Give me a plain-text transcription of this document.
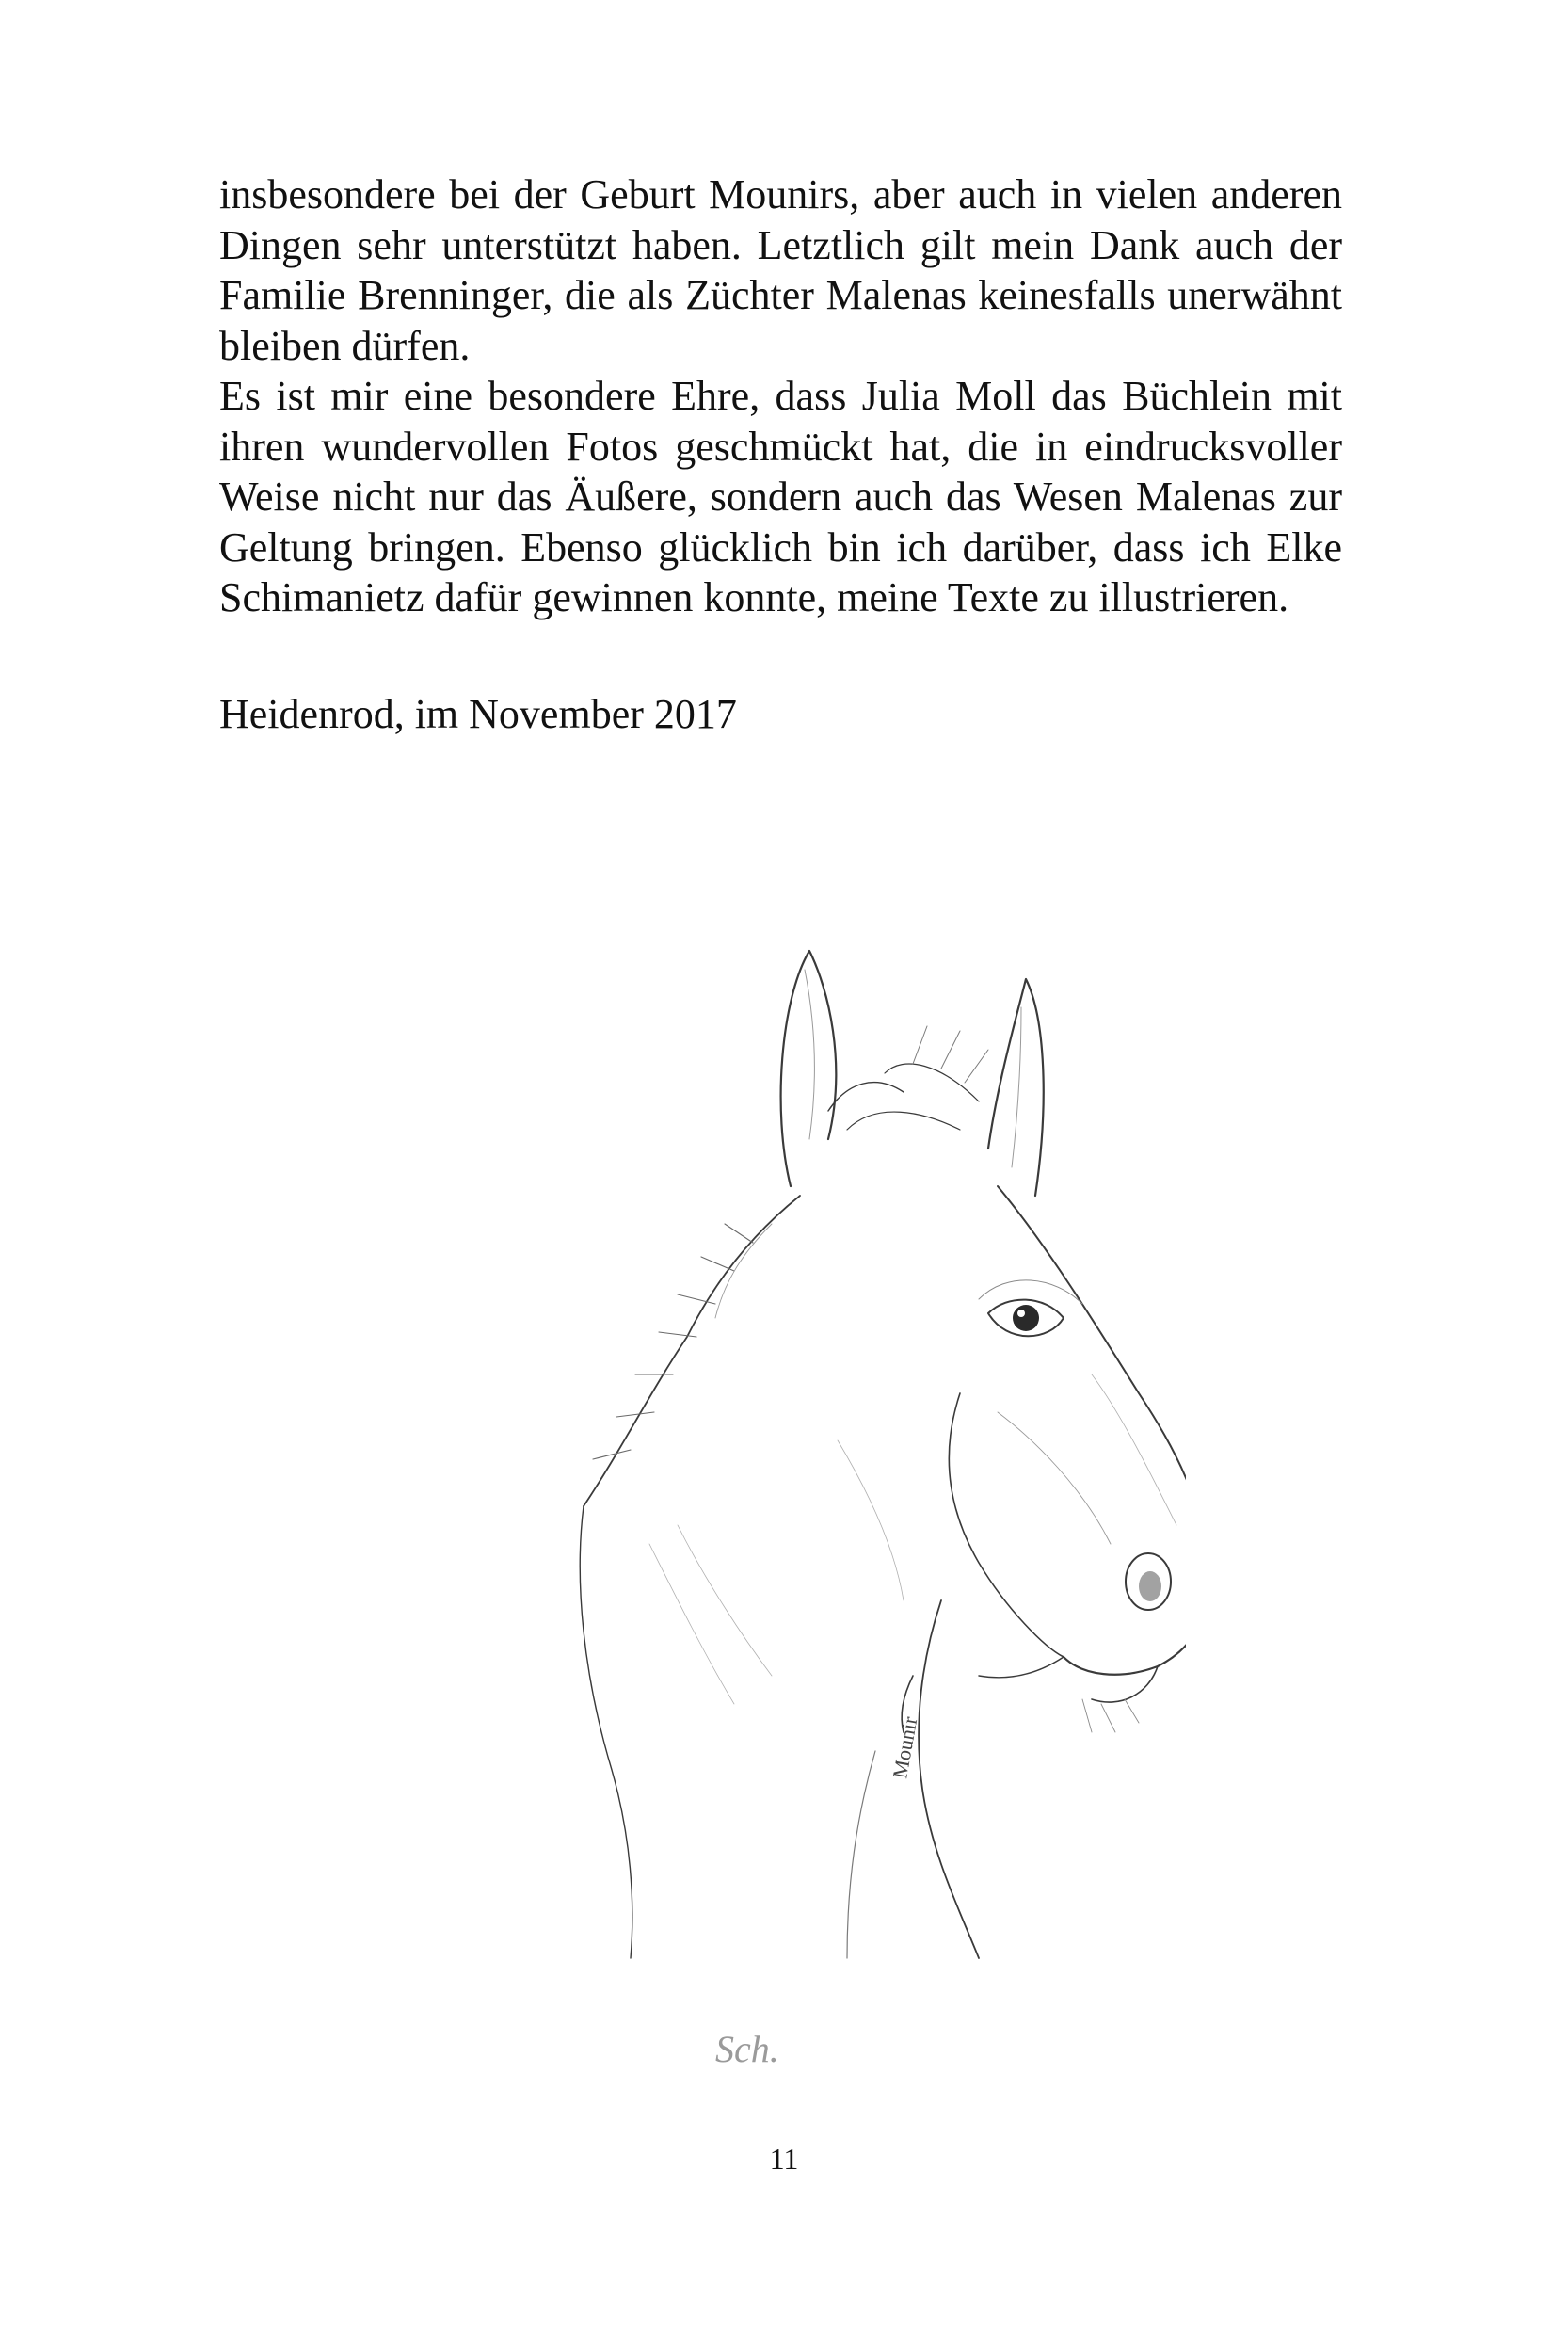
insbesondere bei der Geburt Mounirs, aber auch in vielen anderen
Dingen sehr unterstützt haben. Letztlich gilt mein Dank auch der
Familie Brenninger, die als Züchter Malenas keinesfalls unerwähnt
bleiben dürfen.

Es ist mir eine besondere Ehre, dass Julia Moll das Büchlein mit
ihren wundervollen Fotos geschmückt hat, die in eindrucksvoller
Weise nicht nur das Äußere, sondern auch das Wesen Malenas zur
Geltung bringen. Ebenso glücklich bin ich darüber, dass ich Elke
Schimanietz dafür gewinnen konnte, meine Texte zu illustrieren.

Heidenrod, im November 2017
Mounir
Sch.
11
